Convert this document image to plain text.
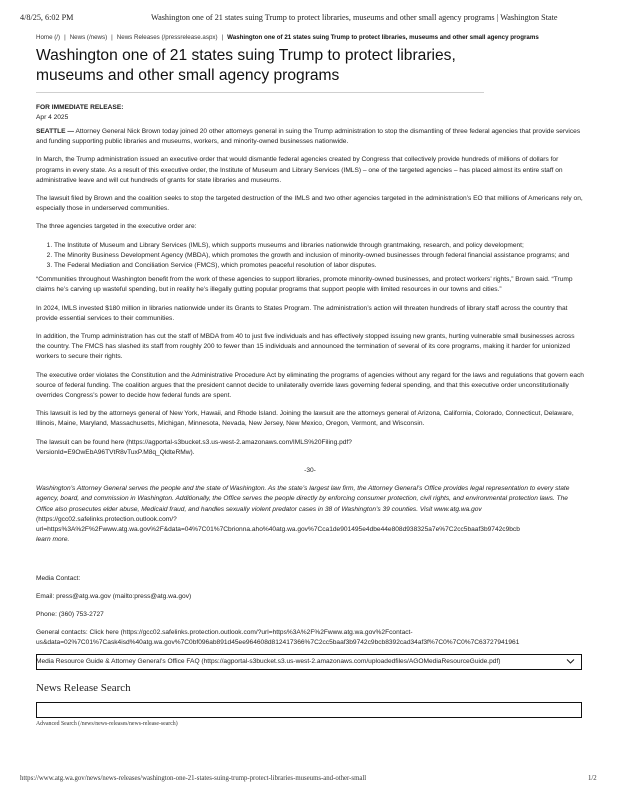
4/8/25, 6:02 PM	Washington one of 21 states suing Trump to protect libraries, museums and other small agency programs | Washington State
Home (/) | News (/news) | News Releases (/pressrelease.aspx) | Washington one of 21 states suing Trump to protect libraries, museums and other small agency programs
Washington one of 21 states suing Trump to protect libraries, museums and other small agency programs
FOR IMMEDIATE RELEASE:
Apr 4 2025

SEATTLE — Attorney General Nick Brown today joined 20 other attorneys general in suing the Trump administration to stop the dismantling of three federal agencies that provide services and funding supporting public libraries and museums, workers, and minority-owned businesses nationwide.

In March, the Trump administration issued an executive order that would dismantle federal agencies created by Congress that collectively provide hundreds of millions of dollars for programs in every state. As a result of this executive order, the Institute of Museum and Library Services (IMLS) – one of the targeted agencies – has placed almost its entire staff on administrative leave and will cut hundreds of grants for state libraries and museums.

The lawsuit filed by Brown and the coalition seeks to stop the targeted destruction of the IMLS and two other agencies targeted in the administration’s EO that millions of Americans rely on, especially those in underserved communities.

The three agencies targeted in the executive order are:

1. The Institute of Museum and Library Services (IMLS), which supports museums and libraries nationwide through grantmaking, research, and policy development;
2. The Minority Business Development Agency (MBDA), which promotes the growth and inclusion of minority-owned businesses through federal financial assistance programs; and
3. The Federal Mediation and Conciliation Service (FMCS), which promotes peaceful resolution of labor disputes.

“Communities throughout Washington benefit from the work of these agencies to support libraries, promote minority-owned businesses, and protect workers’ rights,” Brown said. “Trump claims he’s carving up wasteful spending, but in reality he’s illegally gutting popular programs that support people with limited resources in our towns and cities.”

In 2024, IMLS invested $180 million in libraries nationwide under its Grants to States Program. The administration’s action will threaten hundreds of library staff across the country that provide essential services to their communities.

In addition, the Trump administration has cut the staff of MBDA from 40 to just five individuals and has effectively stopped issuing new grants, hurting vulnerable small businesses across the country. The FMCS has slashed its staff from roughly 200 to fewer than 15 individuals and announced the termination of several of its core programs, making it harder for unionized workers to secure their rights.

The executive order violates the Constitution and the Administrative Procedure Act by eliminating the programs of agencies without any regard for the laws and regulations that govern each source of federal funding. The coalition argues that the president cannot decide to unilaterally override laws governing federal spending, and that this executive order unconstitutionally overrides Congress’s power to decide how federal funds are spent.

This lawsuit is led by the attorneys general of New York, Hawaii, and Rhode Island. Joining the lawsuit are the attorneys general of Arizona, California, Colorado, Connecticut, Delaware, Illinois, Maine, Maryland, Massachusetts, Michigan, Minnesota, Nevada, New Jersey, New Mexico, Oregon, Vermont, and Wisconsin.

The lawsuit can be found here (https://agportal-s3bucket.s3.us-west-2.amazonaws.com/IMLS%20Filing.pdf?
VersionId=E9OwEbA96TVtR8vTuxP.M8q_QldteRMw).

-30-

Washington’s Attorney General serves the people and the state of Washington. As the state’s largest law firm, the Attorney General’s Office provides legal representation to every state agency, board, and commission in Washington. Additionally, the Office serves the people directly by enforcing consumer protection, civil rights, and environmental protection laws. The Office also prosecutes elder abuse, Medicaid fraud, and handles sexually violent predator cases in 38 of Washington’s 39 counties. Visit www.atg.wa.gov (https://gcc02.safelinks.protection.outlook.com/?

url=https%3A%2F%2Fwww.atg.wa.gov%2F&data=04%7C01%7Cbrionna.aho%40atg.wa.gov%7Cca1de901495e4dbe44e808d938325a7e%7C2cc5baaf3b9742c9bcb

learn more.

Media Contact:

Email: press@atg.wa.gov (mailto:press@atg.wa.gov)

Phone: (360) 753-2727

General contacts: Click here (https://gcc02.safelinks.protection.outlook.com/?url=https%3A%2F%2Fwww.atg.wa.gov%2Fcontact-

us&data=02%7C01%7Cask4isd%40atg.wa.gov%7C0bf096ab891d45ee964608d812417366%7C2cc5baaf3b9742c9bcb8392cad34af3f%7C0%7C0%7C63727941961

Media Resource Guide & Attorney General’s Office FAQ (https://agportal-s3bucket.s3.us-west-2.amazonaws.com/uploadedfiles/AGOMediaResourceGuide.pdf)

News Release Search
Advanced Search (/news/news-releases/news-release-search)
https://www.atg.wa.gov/news/news-releases/washington-one-21-states-suing-trump-protect-libraries-museums-and-other-small	1/2
